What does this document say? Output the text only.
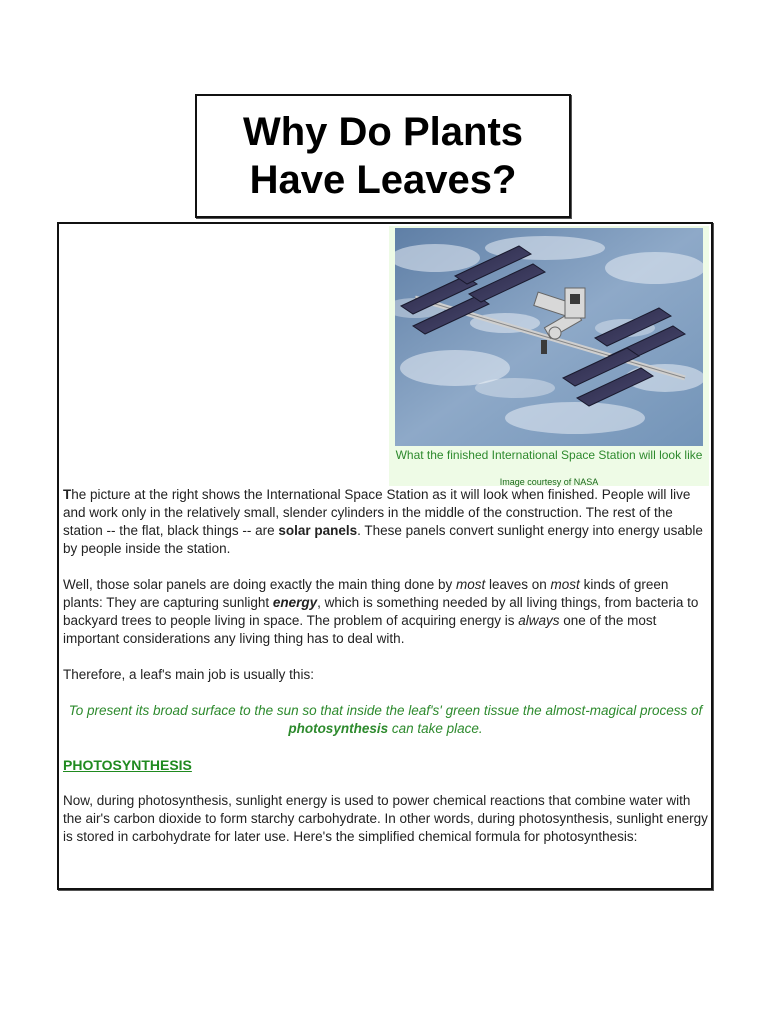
Why Do Plants
Have Leaves?
What the finished International Space Station will look like
Image courtesy of NASA

The picture at the right shows the International Space Station as it will look when finished. People will live and work only in the relatively small, slender cylinders in the middle of the construction. The rest of the station -- the flat, black things -- are solar panels. These panels convert sunlight energy into energy usable by people inside the station.

Well, those solar panels are doing exactly the main thing done by most leaves on most kinds of green plants: They are capturing sunlight energy, which is something needed by all living things, from bacteria to backyard trees to people living in space. The problem of acquiring energy is always one of the most important considerations any living thing has to deal with.

Therefore, a leaf's main job is usually this:

To present its broad surface to the sun so that inside the leaf's' green tissue the almost-magical process of photosynthesis can take place.

PHOTOSYNTHESIS

Now, during photosynthesis, sunlight energy is used to power chemical reactions that combine water with the air's carbon dioxide to form starchy carbohydrate. In other words, during photosynthesis, sunlight energy is stored in carbohydrate for later use. Here's the simplified chemical formula for photosynthesis:
